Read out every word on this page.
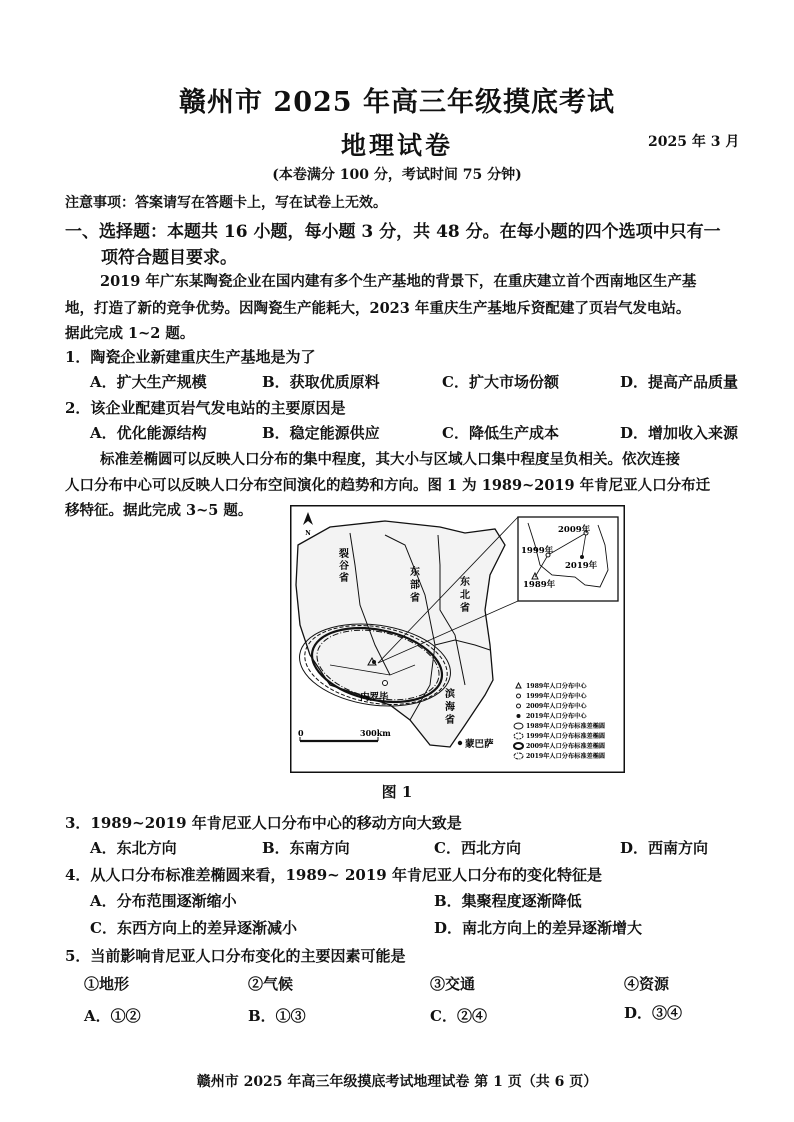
赣州市 2025 年高三年级摸底考试
地理试卷	2025 年 3 月
(本卷满分 100 分，考试时间 75 分钟)
注意事项：答案请写在答题卡上，写在试卷上无效。
一、选择题：本题共 16 小题，每小题 3 分，共 48 分。在每小题的四个选项中只有一
项符合题目要求。
2019 年广东某陶瓷企业在国内建有多个生产基地的背景下，在重庆建立首个西南地区生产基
地，打造了新的竞争优势。因陶瓷生产能耗大，2023 年重庆生产基地斥资配建了页岩气发电站。
据此完成 1~2 题。
1．陶瓷企业新建重庆生产基地是为了
A．扩大生产规模	B．获取优质原料	C．扩大市场份额	D．提高产品质量
2．该企业配建页岩气发电站的主要原因是
A．优化能源结构	B．稳定能源供应	C．降低生产成本	D．增加收入来源
标准差椭圆可以反映人口分布的集中程度，其大小与区域人口集中程度呈负相关。依次连接
人口分布中心可以反映人口分布空间演化的趋势和方向。图 1 为 1989~2019 年肯尼亚人口分布迁
移特征。据此完成 3~5 题。
N
裂
谷
省
东
部
省
东
北
省
滨
海
省
内罗毕
蒙巴萨
2009年
1999年
2019年
1989年
1989年人口分布中心
1999年人口分布中心
2009年人口分布中心
2019年人口分布中心
1989年人口分布标准差椭圆
1999年人口分布标准差椭圆
2009年人口分布标准差椭圆
2019年人口分布标准差椭圆
0	300km
图 1
3．1989~2019 年肯尼亚人口分布中心的移动方向大致是
A．东北方向	B．东南方向	C．西北方向	D．西南方向
4．从人口分布标准差椭圆来看，1989~ 2019 年肯尼亚人口分布的变化特征是
A．分布范围逐渐缩小	B．集聚程度逐渐降低
C．东西方向上的差异逐渐减小	D．南北方向上的差异逐渐增大
5．当前影响肯尼亚人口分布变化的主要因素可能是
①地形	②气候	③交通	④资源
A．①②	B．①③	C．②④	D．③④
赣州市 2025 年高三年级摸底考试地理试卷 第 1 页（共 6 页）
